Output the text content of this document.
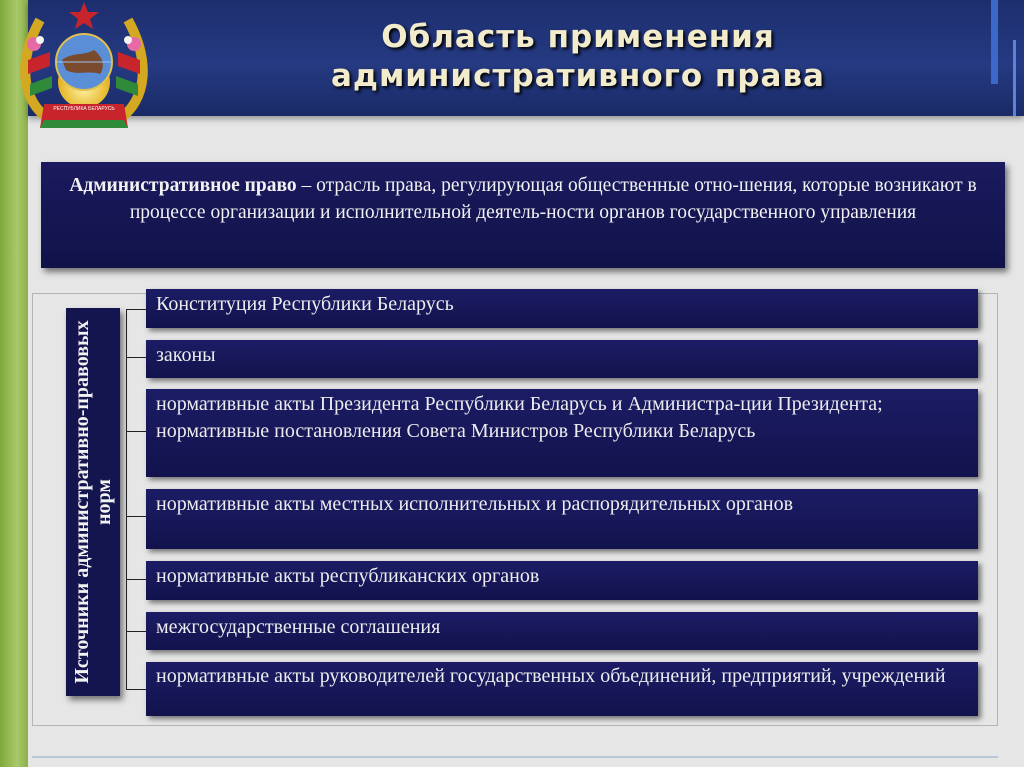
Область применения
административного права
РЕСПУБЛИКА БЕЛАРУСЬ
Административное право – отрасль права, регулирующая общественные отно-шения, которые возникают в процессе организации и исполнительной деятель-ности органов государственного управления
Источники административно-правовых норм
Конституция Республики Беларусь
законы
нормативные акты Президента Республики Беларусь и Администра-ции Президента; нормативные постановления Совета Министров Республики Беларусь
нормативные акты местных исполнительных и распорядительных органов
нормативные акты республиканских органов
межгосударственные соглашения
нормативные акты руководителей государственных объединений, предприятий, учреждений
